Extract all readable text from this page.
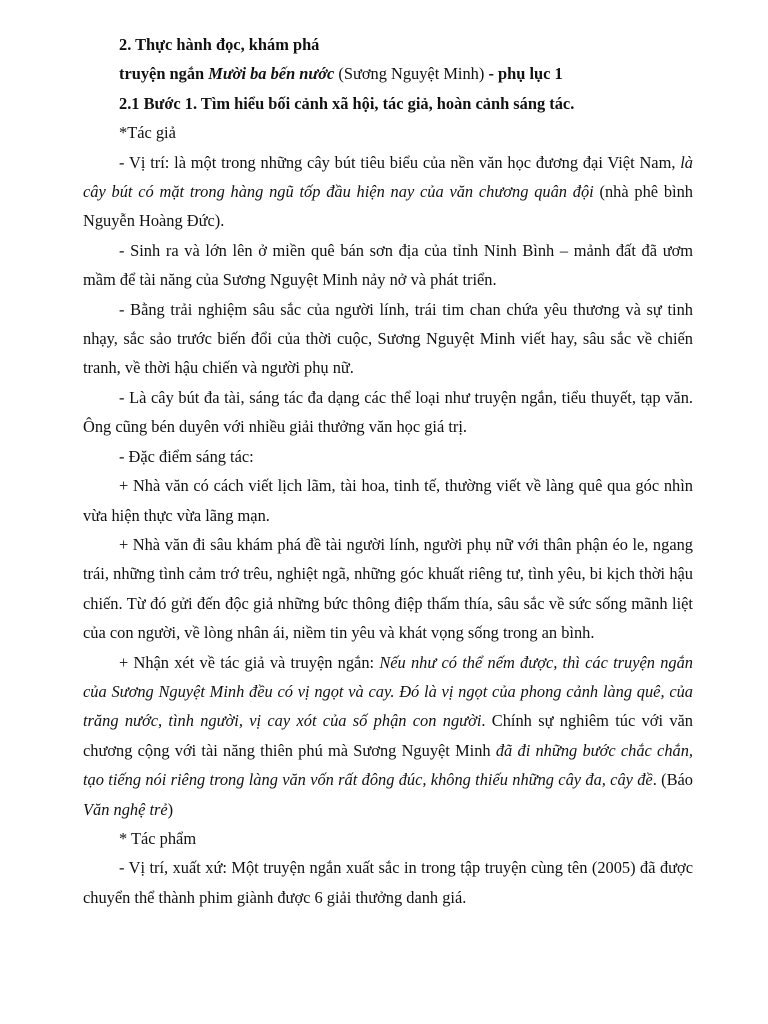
2. Thực hành đọc, khám phá

truyện ngắn Mười ba bến nước (Sương Nguyệt Minh) - phụ lục 1

2.1 Bước 1. Tìm hiểu bối cảnh xã hội, tác giả, hoàn cảnh sáng tác.

*Tác giả

- Vị trí: là một trong những cây bút tiêu biểu của nền văn học đương đại Việt Nam, là cây bút có mặt trong hàng ngũ tốp đầu hiện nay của văn chương quân đội (nhà phê bình Nguyễn Hoàng Đức).

- Sinh ra và lớn lên ở miền quê bán sơn địa của tỉnh Ninh Bình – mảnh đất đã ươm mầm để tài năng của Sương Nguyệt Minh nảy nở và phát triển.

- Bằng trải nghiệm sâu sắc của người lính, trái tim chan chứa yêu thương và sự tinh nhạy, sắc sảo trước biến đổi của thời cuộc, Sương Nguyệt Minh viết hay, sâu sắc về chiến tranh, về thời hậu chiến và người phụ nữ.

- Là cây bút đa tài, sáng tác đa dạng các thể loại như truyện ngắn, tiểu thuyết, tạp văn. Ông cũng bén duyên với nhiều giải thưởng văn học giá trị.

- Đặc điểm sáng tác:

+ Nhà văn có cách viết lịch lãm, tài hoa, tinh tế, thường viết về làng quê qua góc nhìn vừa hiện thực vừa lãng mạn.

+ Nhà văn đi sâu khám phá đề tài người lính, người phụ nữ với thân phận éo le, ngang trái, những tình cảm trớ trêu, nghiệt ngã, những góc khuất riêng tư, tình yêu, bi kịch thời hậu chiến. Từ đó gửi đến độc giả những bức thông điệp thấm thía, sâu sắc về sức sống mãnh liệt của con người, về lòng nhân ái, niềm tin yêu và khát vọng sống trong an bình.

+ Nhận xét về tác giả và truyện ngắn: Nếu như có thể nếm được, thì các truyện ngắn của Sương Nguyệt Minh đều có vị ngọt và cay. Đó là vị ngọt của phong cảnh làng quê, của trăng nước, tình người, vị cay xót của số phận con người. Chính sự nghiêm túc với văn chương cộng với tài năng thiên phú mà Sương Nguyệt Minh đã đi những bước chắc chắn, tạo tiếng nói riêng trong làng văn vốn rất đông đúc, không thiếu những cây đa, cây đề. (Báo Văn nghệ trẻ)

* Tác phẩm

- Vị trí, xuất xứ: Một truyện ngắn xuất sắc in trong tập truyện cùng tên (2005) đã được chuyển thể thành phim giành được 6 giải thưởng danh giá.
